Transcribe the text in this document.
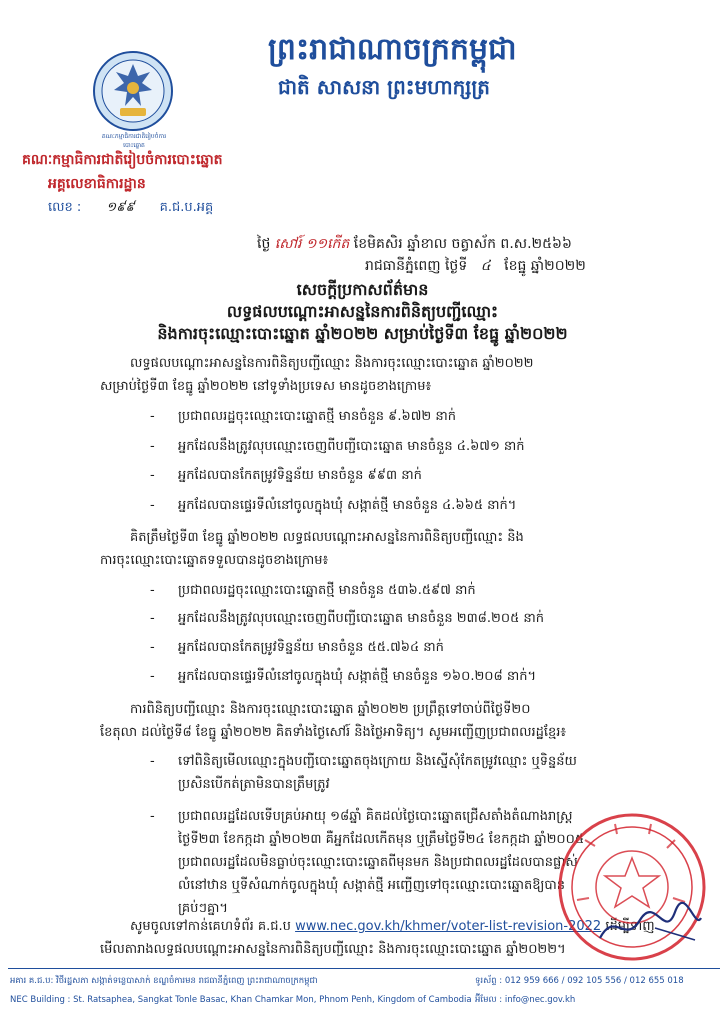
ព្រះរាជាណាចក្រកម្ពុជា
ជាតិ សាសនា ព្រះមហាក្សត្រ
គណៈកម្មាធិការជាតិរៀបចំការបោះឆ្នោត
គណៈកម្មាធិការជាតិរៀបចំការបោះឆ្នោត
អគ្គលេខាធិការដ្ឋាន
លេខ : ១៩៩ គ.ជ.ប.អគ្គ
ថ្ងៃ សៅរ៍ ១១កើត ខែមិគសិរ ឆ្នាំខាល ចត្វាស័ក ព.ស.២៥៦៦
រាជធានីភ្នំពេញ ថ្ងៃទី ៤ ខែធ្នូ ឆ្នាំ២០២២
សេចក្តីប្រកាសព័ត៌មាន
លទ្ធផលបណ្តោះអាសន្ននៃការពិនិត្យបញ្ជីឈ្មោះ
និងការចុះឈ្មោះបោះឆ្នោត ឆ្នាំ២០២២ សម្រាប់ថ្ងៃទី៣ ខែធ្នូ ឆ្នាំ២០២២
លទ្ធផលបណ្តោះអាសន្ននៃការពិនិត្យបញ្ជីឈ្មោះ និងការចុះឈ្មោះបោះឆ្នោត ឆ្នាំ២០២២
សម្រាប់ថ្ងៃទី៣ ខែធ្នូ ឆ្នាំ២០២២ នៅទូទាំងប្រទេស មានដូចខាងក្រោម៖
- ប្រជាពលរដ្ឋចុះឈ្មោះបោះឆ្នោតថ្មី មានចំនួន ៩.៦៧២ នាក់
- អ្នកដែលនឹងត្រូវលុបឈ្មោះចេញពីបញ្ជីបោះឆ្នោត មានចំនួន ៤.៦៧១ នាក់
- អ្នកដែលបានកែតម្រូវទិន្នន័យ មានចំនួន ៩៩៣ នាក់
- អ្នកដែលបានផ្ទេរទីលំនៅចូលក្នុងឃុំ សង្កាត់ថ្មី មានចំនួន ៤.៦៦៥ នាក់។
គិតត្រឹមថ្ងៃទី៣ ខែធ្នូ ឆ្នាំ២០២២ លទ្ធផលបណ្តោះអាសន្ននៃការពិនិត្យបញ្ជីឈ្មោះ និង
ការចុះឈ្មោះបោះឆ្នោតទទួលបានដូចខាងក្រោម៖
- ប្រជាពលរដ្ឋចុះឈ្មោះបោះឆ្នោតថ្មី មានចំនួន ៥៣៦.៥៩៧ នាក់
- អ្នកដែលនឹងត្រូវលុបឈ្មោះចេញពីបញ្ជីបោះឆ្នោត មានចំនួន ២៣៨.២០៥ នាក់
- អ្នកដែលបានកែតម្រូវទិន្នន័យ មានចំនួន ៥៥.៧៦៤ នាក់
- អ្នកដែលបានផ្ទេរទីលំនៅចូលក្នុងឃុំ សង្កាត់ថ្មី មានចំនួន ១៦០.២០៨ នាក់។
ការពិនិត្យបញ្ជីឈ្មោះ និងការចុះឈ្មោះបោះឆ្នោត ឆ្នាំ២០២២ ប្រព្រឹត្តទៅចាប់ពីថ្ងៃទី២០
ខែតុលា ដល់ថ្ងៃទី៨ ខែធ្នូ ឆ្នាំ២០២២ គិតទាំងថ្ងៃសៅរ៍ និងថ្ងៃអាទិត្យ។ សូមអញ្ជើញប្រជាពលរដ្ឋខ្មែរ៖
- ទៅពិនិត្យមើលឈ្មោះក្នុងបញ្ជីបោះឆ្នោតចុងក្រោយ និងស្នើសុំកែតម្រូវឈ្មោះ ឬទិន្នន័យ
ប្រសិនបើកត់ត្រាមិនបានត្រឹមត្រូវ
- ប្រជាពលរដ្ឋដែលទើបគ្រប់អាយុ ១៨ឆ្នាំ គិតដល់ថ្ងៃបោះឆ្នោតជ្រើសតាំងតំណាងរាស្ត្រ
ថ្ងៃទី២៣ ខែកក្កដា ឆ្នាំ២០២៣ គឺអ្នកដែលកើតមុន ឬត្រឹមថ្ងៃទី២៤ ខែកក្កដា ឆ្នាំ២០០៥
ប្រជាពលរដ្ឋដែលមិនធ្លាប់ចុះឈ្មោះបោះឆ្នោតពីមុនមក និងប្រជាពលរដ្ឋដែលបានផ្លាស់
លំនៅឋាន ឬទីសំណាក់ចូលក្នុងឃុំ សង្កាត់ថ្មី អញ្ជើញទៅចុះឈ្មោះបោះឆ្នោតឱ្យបាន
គ្រប់ៗគ្នា។
សូមចូលទៅកាន់គេហទំព័រ គ.ជ.ប www.nec.gov.kh/khmer/voter-list-revision-2022 ដើម្បីទាញ
មើលតារាងលទ្ធផលបណ្តោះអាសន្ននៃការពិនិត្យបញ្ជីឈ្មោះ និងការចុះឈ្មោះបោះឆ្នោត ឆ្នាំ២០២២។
អគារ គ.ជ.ប: វិថីរដ្ឋសភា សង្កាត់ទន្លេបាសាក់ ខណ្ឌចំការមន រាជធានីភ្នំពេញ ព្រះរាជាណាចក្រកម្ពុជា
NEC Building : St. Ratsaphea, Sangkat Tonle Basac, Khan Chamkar Mon, Phnom Penh, Kingdom of Cambodia
ទូរស័ព្ទ : 012 959 666 / 092 105 556 / 012 655 018
អ៊ីមែល : info@nec.gov.kh
